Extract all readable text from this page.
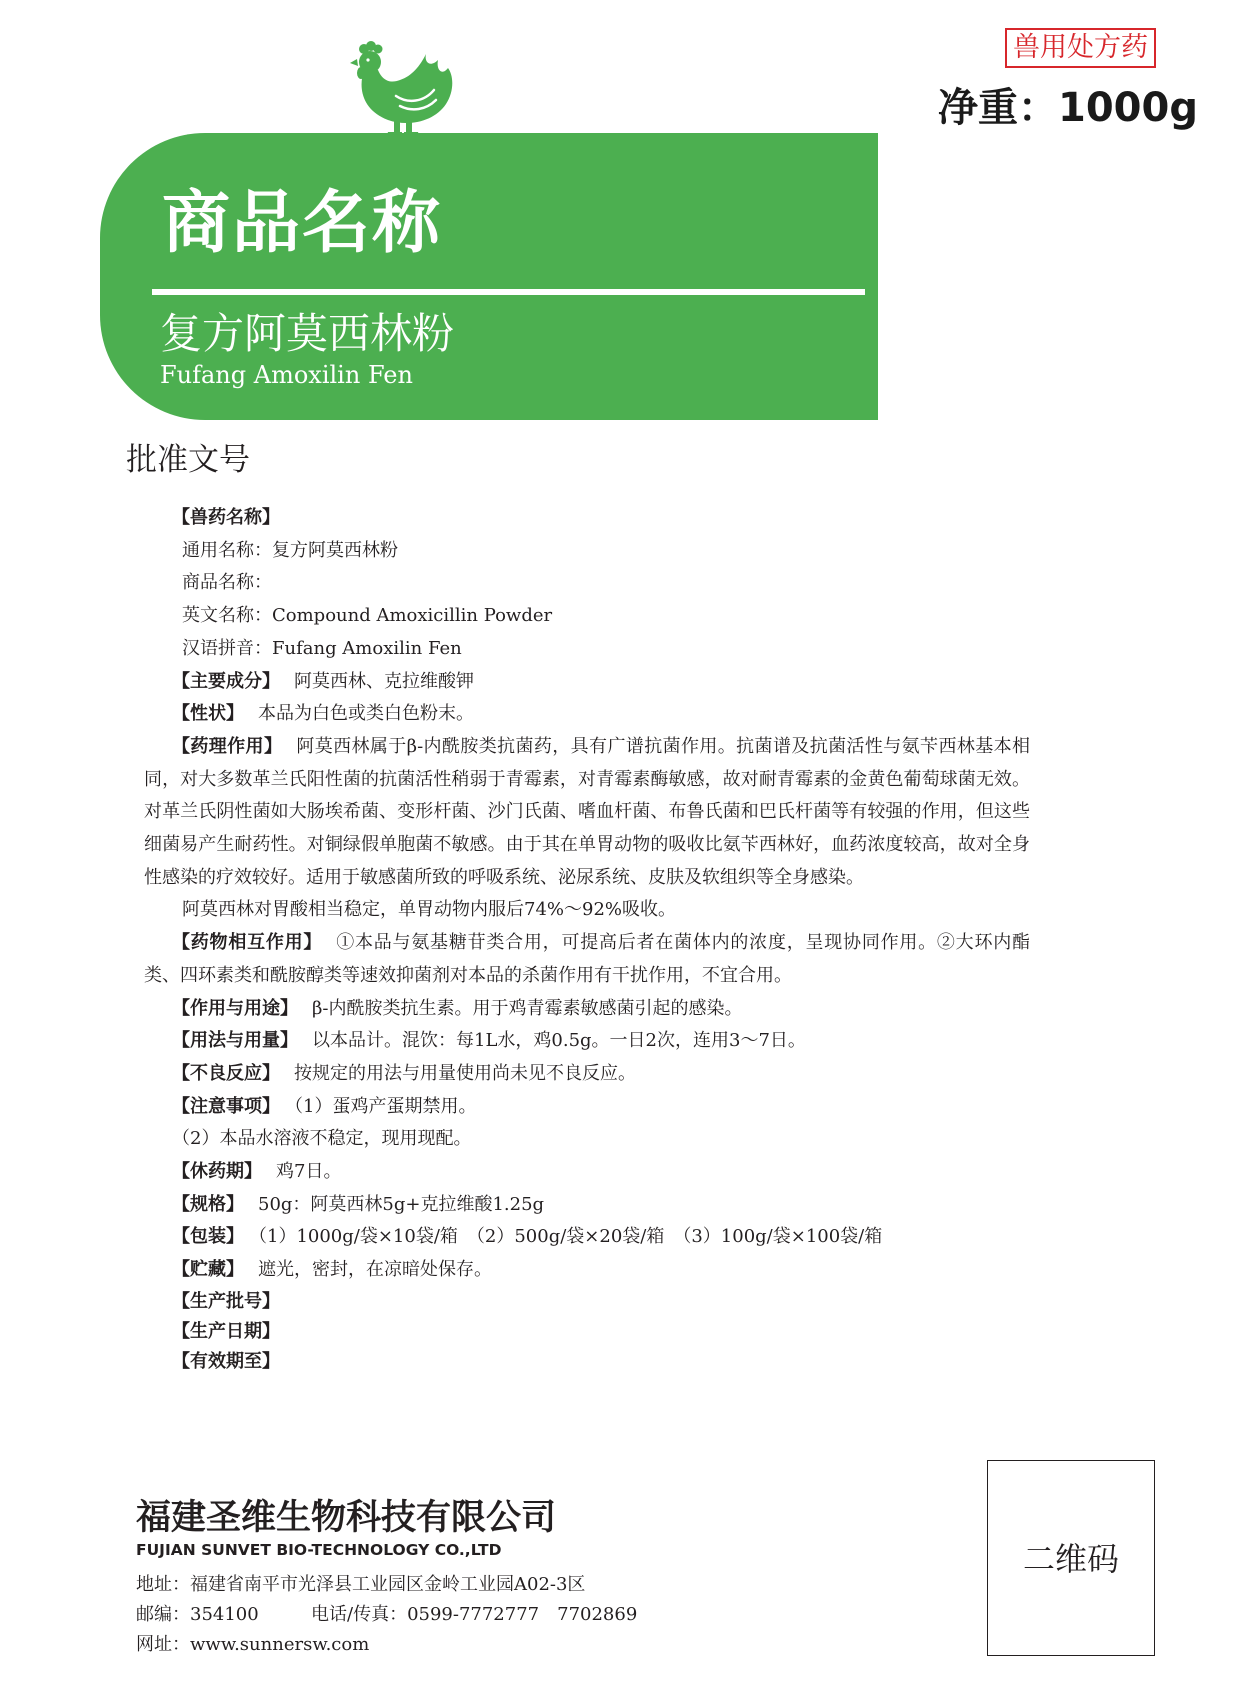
兽用处方药
净重：1000g
商品名称
复方阿莫西林粉
Fufang Amoxilin Fen
批准文号

【兽药名称】

通用名称：复方阿莫西林粉

商品名称：

英文名称：Compound Amoxicillin Powder

汉语拼音：Fufang Amoxilin Fen

【主要成分】 阿莫西林、克拉维酸钾

【性状】 本品为白色或类白色粉末。

【药理作用】 阿莫西林属于β-内酰胺类抗菌药，具有广谱抗菌作用。抗菌谱及抗菌活性与氨苄西林基本相同，对大多数革兰氏阳性菌的抗菌活性稍弱于青霉素，对青霉素酶敏感，故对耐青霉素的金黄色葡萄球菌无效。对革兰氏阴性菌如大肠埃希菌、变形杆菌、沙门氏菌、嗜血杆菌、布鲁氏菌和巴氏杆菌等有较强的作用，但这些细菌易产生耐药性。对铜绿假单胞菌不敏感。由于其在单胃动物的吸收比氨苄西林好，血药浓度较高，故对全身性感染的疗效较好。适用于敏感菌所致的呼吸系统、泌尿系统、皮肤及软组织等全身感染。

阿莫西林对胃酸相当稳定，单胃动物内服后74%～92%吸收。

【药物相互作用】 ①本品与氨基糖苷类合用，可提高后者在菌体内的浓度，呈现协同作用。②大环内酯类、四环素类和酰胺醇类等速效抑菌剂对本品的杀菌作用有干扰作用，不宜合用。

【作用与用途】 β-内酰胺类抗生素。用于鸡青霉素敏感菌引起的感染。

【用法与用量】 以本品计。混饮：每1L水，鸡0.5g。一日2次，连用3～7日。

【不良反应】 按规定的用法与用量使用尚未见不良反应。

【注意事项】 （1）蛋鸡产蛋期禁用。

（2）本品水溶液不稳定，现用现配。

【休药期】 鸡7日。

【规格】 50g：阿莫西林5g+克拉维酸1.25g

【包装】 （1）1000g/袋×10袋/箱　（2）500g/袋×20袋/箱　（3）100g/袋×100袋/箱

【贮藏】 遮光，密封，在凉暗处保存。

【生产批号】

【生产日期】

【有效期至】

福建圣维生物科技有限公司
FUJIAN SUNVET BIO-TECHNOLOGY CO.,LTD
地址：福建省南平市光泽县工业园区金岭工业园A02-3区
邮编：354100	电话/传真：0599-7772777　7702869
网址：www.sunnersw.com
二维码
